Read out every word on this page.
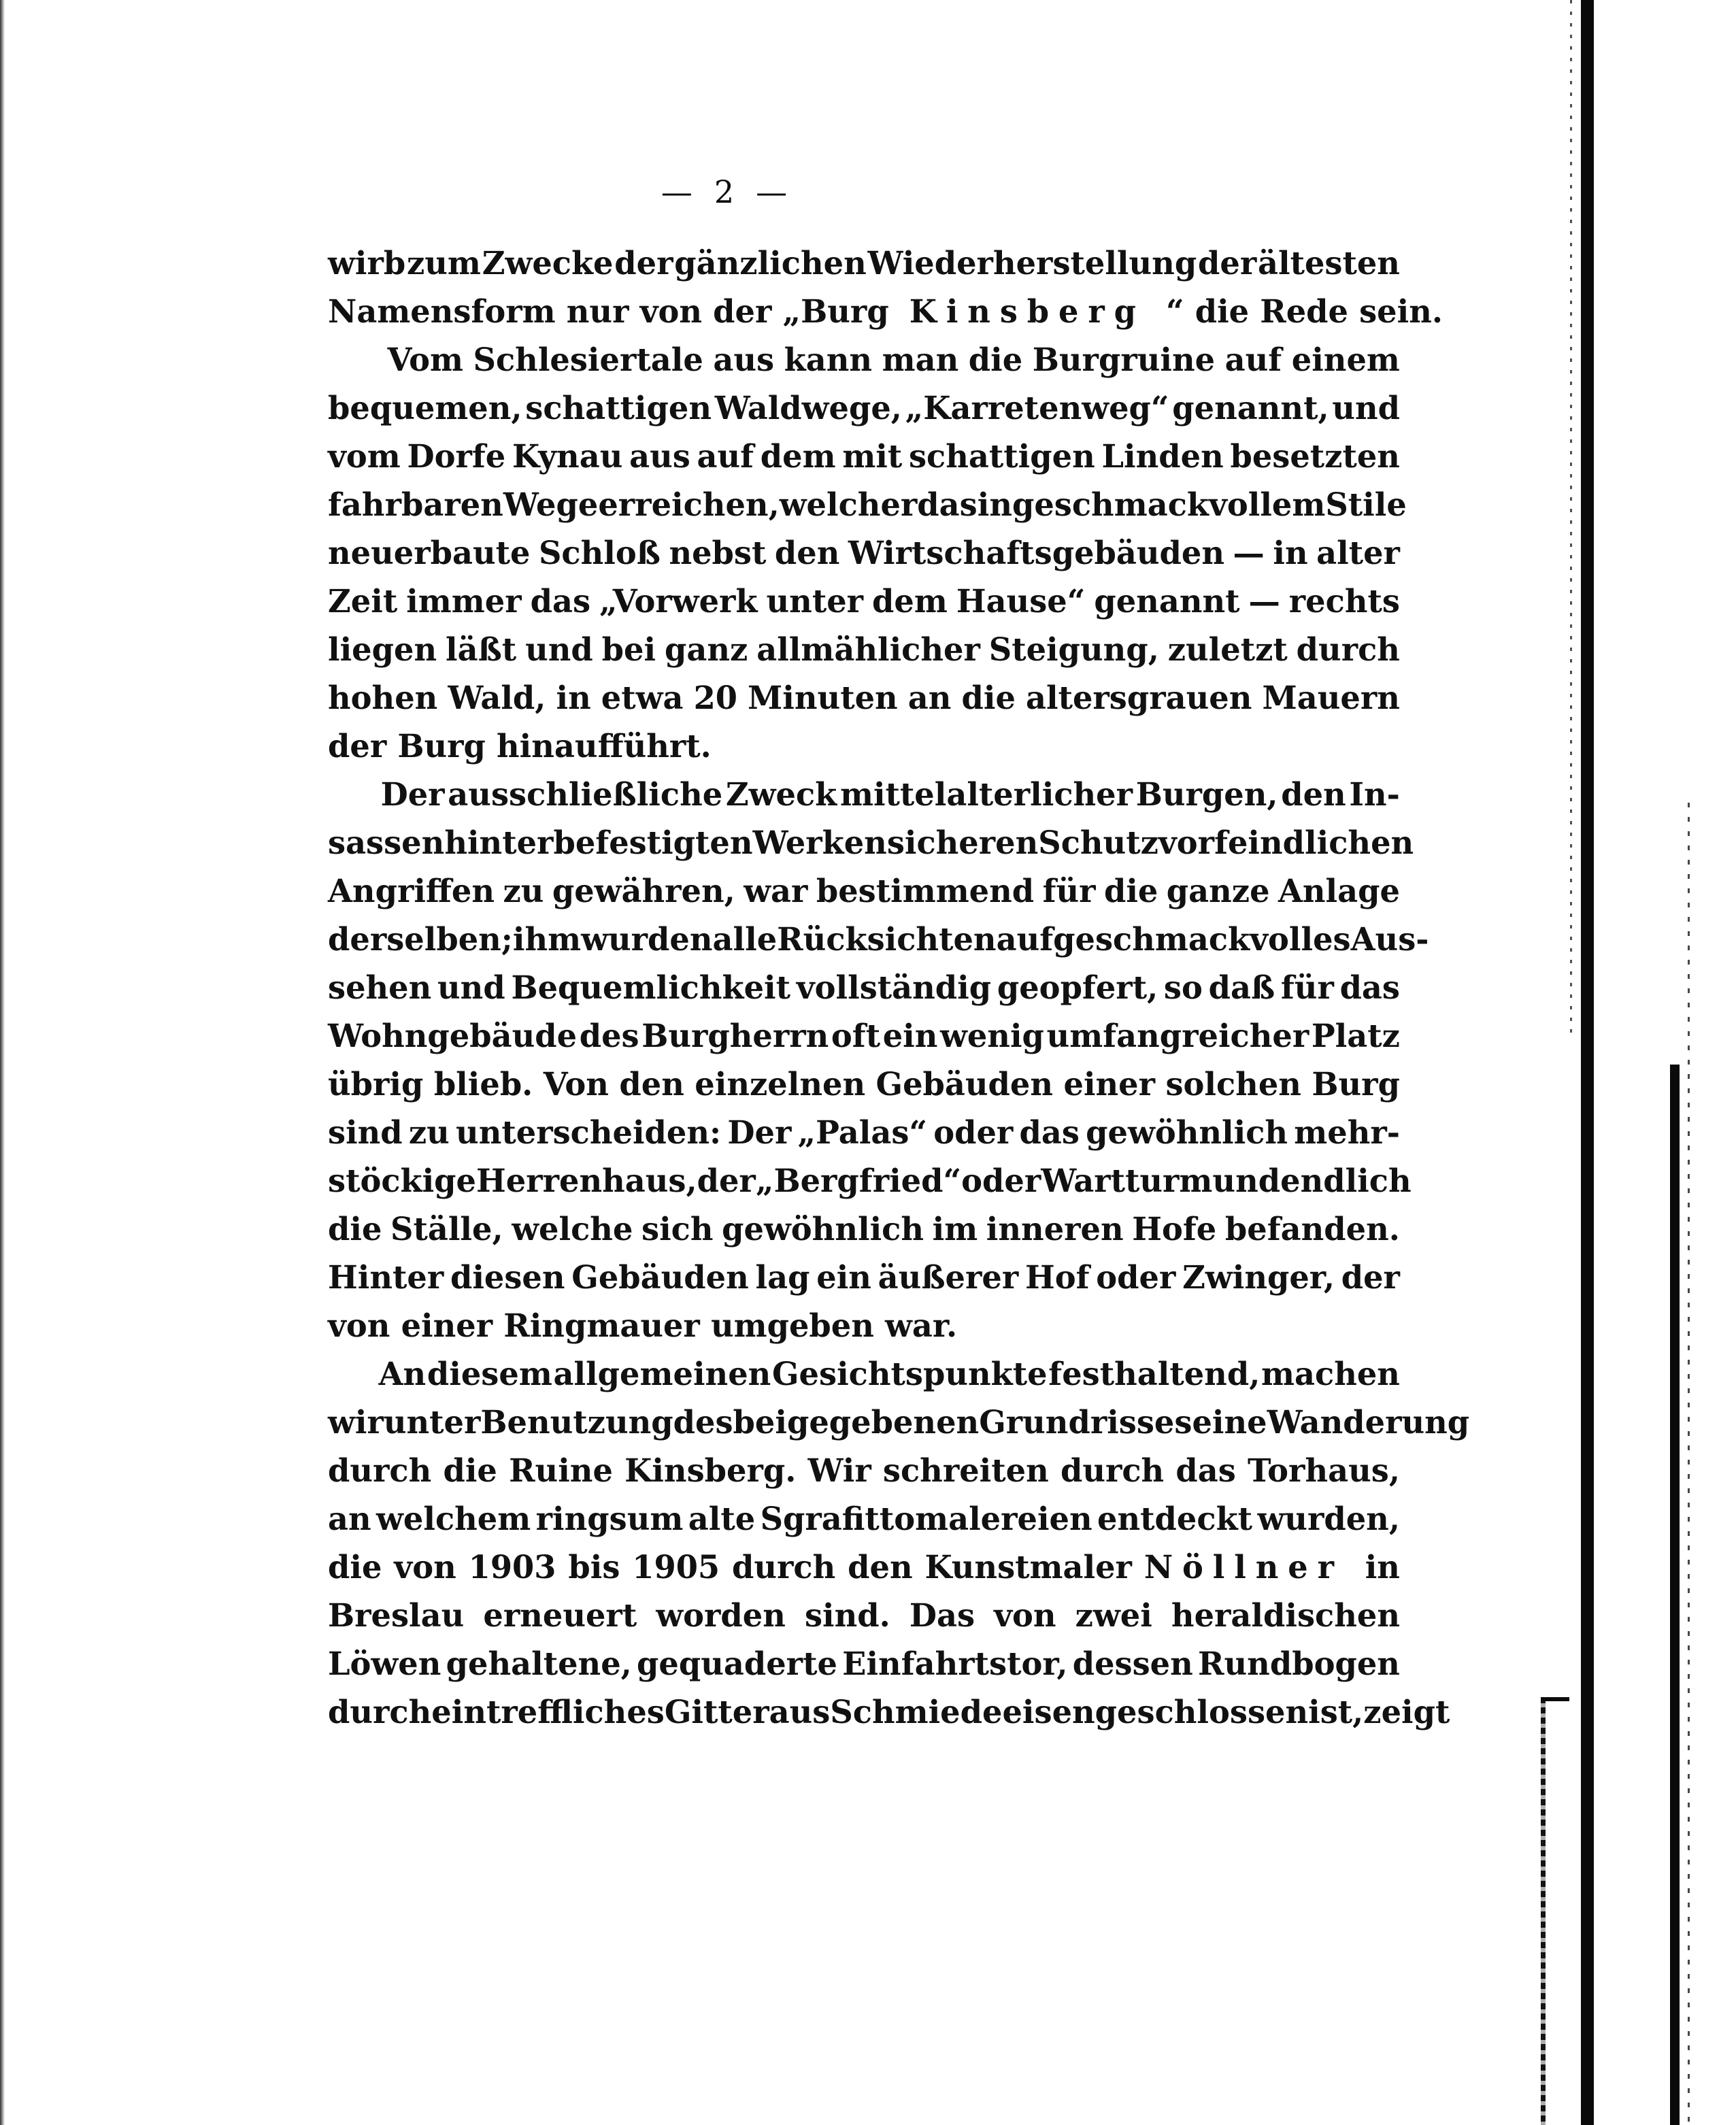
—  2  —
wirb zum Zwecke der gänzlichen Wiederherstellung der ältesten
Namensform nur von der „Burg Kinsberg “ die Rede sein.
Vom Schlesiertale aus kann man die Burgruine auf einem
bequemen, schattigen Waldwege, „Karretenweg“ genannt, und
vom Dorfe Kynau aus auf dem mit schattigen Linden besetzten
fahrbaren Wege erreichen, welcher das in geschmackvollem Stile
neuerbaute Schloß nebst den Wirtschaftsgebäuden — in alter
Zeit immer das „Vorwerk unter dem Hause“ genannt — rechts
liegen läßt und bei ganz allmählicher Steigung, zuletzt durch
hohen Wald, in etwa 20 Minuten an die altersgrauen Mauern
der Burg hinaufführt.
Der ausschließliche Zweck mittelalterlicher Burgen, den In-
sassen hinter befestigten Werken sicheren Schutz vor feindlichen
Angriffen zu gewähren, war bestimmend für die ganze Anlage
derselben; ihm wurden alle Rücksichten auf geschmackvolles Aus-
sehen und Bequemlichkeit vollständig geopfert, so daß für das
Wohngebäude des Burgherrn oft ein wenig umfangreicher Platz
übrig blieb. Von den einzelnen Gebäuden einer solchen Burg
sind zu unterscheiden: Der „Palas“ oder das gewöhnlich mehr-
stöckige Herrenhaus, der „Bergfried“ oder Wartturm und endlich
die Ställe, welche sich gewöhnlich im inneren Hofe befanden.
Hinter diesen Gebäuden lag ein äußerer Hof oder Zwinger, der
von einer Ringmauer umgeben war.
An diesem allgemeinen Gesichtspunkte festhaltend, machen
wir unter Benutzung des beigegebenen Grundrisses eine Wanderung
durch die Ruine Kinsberg. Wir schreiten durch das Torhaus,
an welchem ringsum alte Sgrafittomalereien entdeckt wurden,
die von 1903 bis 1905 durch den Kunstmaler Nöllner in
Breslau erneuert worden sind. Das von zwei heraldischen
Löwen gehaltene, gequaderte Einfahrtstor, dessen Rundbogen
durch ein treffliches Gitter aus Schmiedeeisen geschlossen ist, zeigt
